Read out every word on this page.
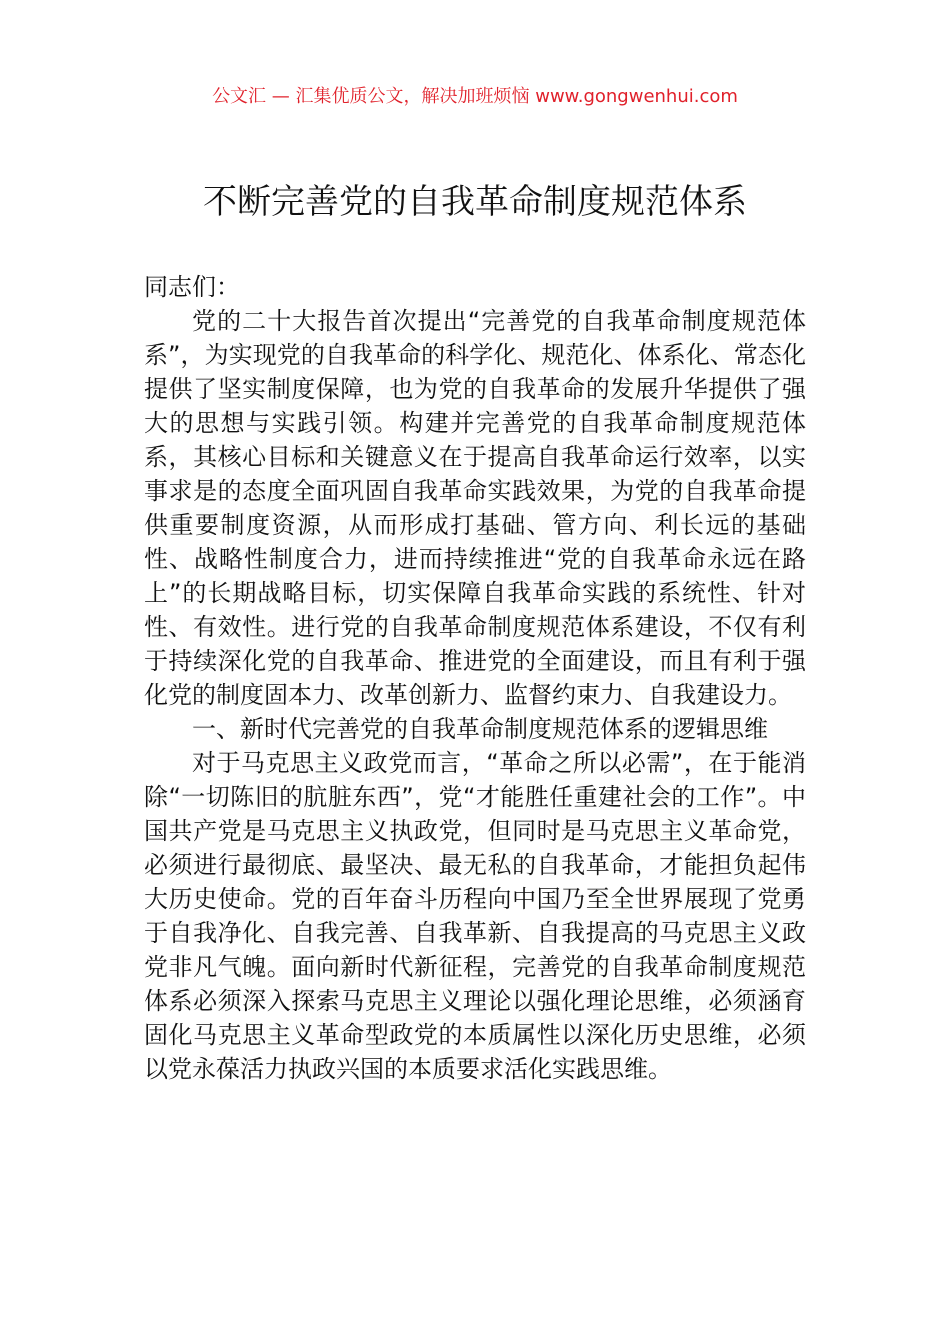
公文汇 — 汇集优质公文，解决加班烦恼 www.gongwenhui.com
不断完善党的自我革命制度规范体系

同志们：

党的二十大报告首次提出“完善党的自我革命制度规范体系”，为实现党的自我革命的科学化、规范化、体系化、常态化提供了坚实制度保障，也为党的自我革命的发展升华提供了强大的思想与实践引领。构建并完善党的自我革命制度规范体系，其核心目标和关键意义在于提高自我革命运行效率，以实事求是的态度全面巩固自我革命实践效果，为党的自我革命提供重要制度资源，从而形成打基础、管方向、利长远的基础性、战略性制度合力，进而持续推进“党的自我革命永远在路上”的长期战略目标，切实保障自我革命实践的系统性、针对性、有效性。进行党的自我革命制度规范体系建设，不仅有利于持续深化党的自我革命、推进党的全面建设，而且有利于强化党的制度固本力、改革创新力、监督约束力、自我建设力。

一、新时代完善党的自我革命制度规范体系的逻辑思维

对于马克思主义政党而言，“革命之所以必需”，在于能消除“一切陈旧的肮脏东西”，党“才能胜任重建社会的工作”。中国共产党是马克思主义执政党，但同时是马克思主义革命党，必须进行最彻底、最坚决、最无私的自我革命，才能担负起伟大历史使命。党的百年奋斗历程向中国乃至全世界展现了党勇于自我净化、自我完善、自我革新、自我提高的马克思主义政党非凡气魄。面向新时代新征程，完善党的自我革命制度规范体系必须深入探索马克思主义理论以强化理论思维，必须涵育固化马克思主义革命型政党的本质属性以深化历史思维，必须以党永葆活力执政兴国的本质要求活化实践思维。
